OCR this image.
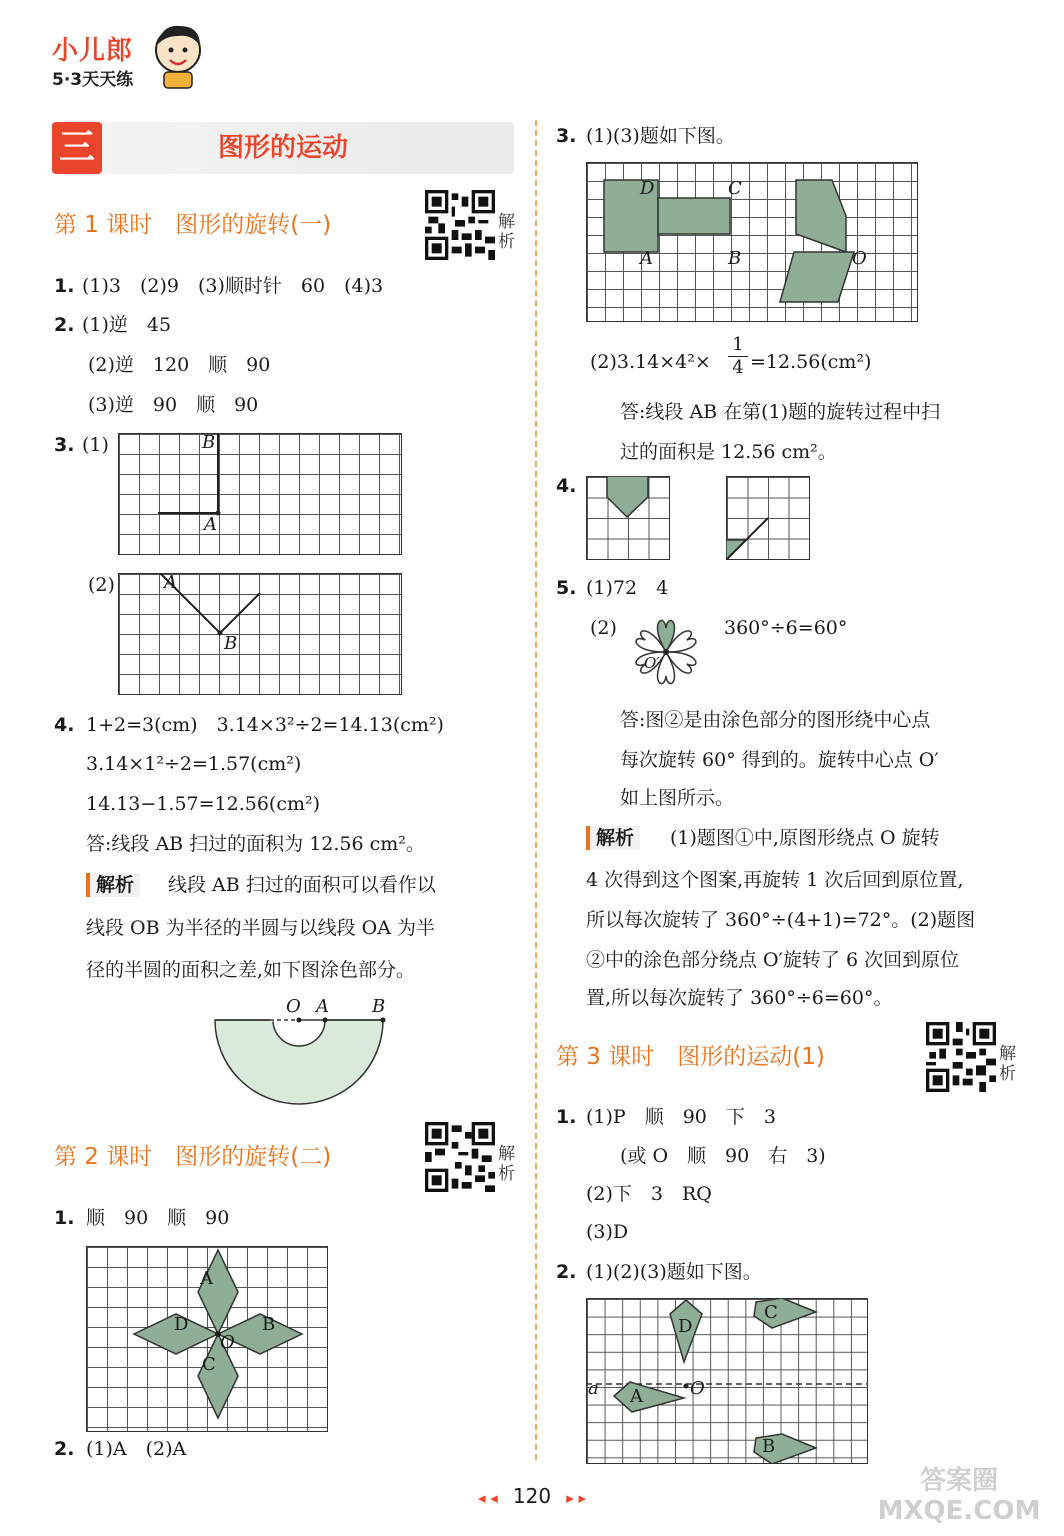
小儿郎
5·3天天练
三	图形的运动
第 1 课时　图形的旋转(一)	解析
1. (1)3　(2)9　(3)顺时针　60　(4)3
2. (1)逆　45
(2)逆　120　顺　90
(3)逆　90　顺　90
3. (1)	B
A
(2)	A
B
4. 1+2=3(cm)　3.14×3²÷2=14.13(cm²)
3.14×1²÷2=1.57(cm²)
14.13−1.57=12.56(cm²)
答:线段 AB 扫过的面积为 12.56 cm²。
解析	线段 AB 扫过的面积可以看作以
线段 OB 为半径的半圆与以线段 OA 为半
径的半圆的面积之差,如下图涂色部分。
O A B
第 2 课时　图形的旋转(二)	解析
1. 顺　90　顺　90
A
D	B
O
C
2. (1)A　(2)A
3. (1)(3)题如下图。
D	C
A	B	O
$(2)3.14\times 4^2\times \frac{1}{4} =12.56(cm^2)$
答:线段 AB 在第(1)题的旋转过程中扫
过的面积是 12.56 cm²。
4.
5. (1)72　4
(2)
O′
360°÷6=60°
答:图②是由涂色部分的图形绕中心点
每次旋转 60° 得到的。旋转中心点 O′
如上图所示。
解析	(1)题图①中,原图形绕点 O 旋转
4 次得到这个图案,再旋转 1 次后回到原位置,
所以每次旋转了 360°÷(4+1)=72°。(2)题图
②中的涂色部分绕点 O′旋转了 6 次回到原位
置,所以每次旋转了 360°÷6=60°。
第 3 课时　图形的运动(1)	解析
1. (1)P　顺　90　下　3
(或 O　顺　90　右　3)
(2)下　3　RQ
(3)D
2. (1)(2)(3)题如下图。
D
C
a	O
A
B
◂ ◂ 120 ▸ ▸
答案圈 MXQE.COM
